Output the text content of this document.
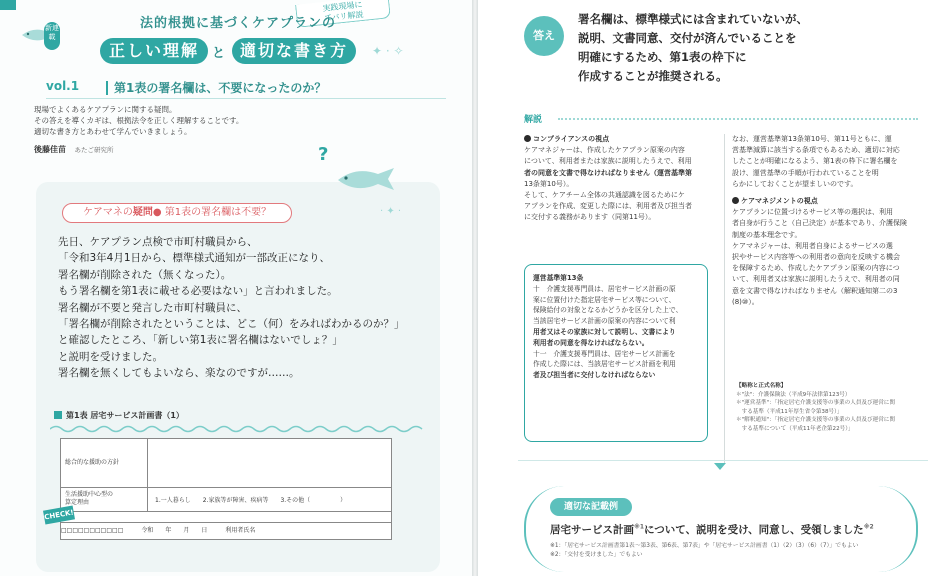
実践現場に
ズバリ解説
新連載
法的根拠に基づくケアプランの
正しい理解	と 適切な書き方	✦ · ✧
vol.1	第1表の署名欄は、不要になったのか？
現場でよくあるケアプランに関する疑問。
その答えを導くカギは、根拠法令を正しく理解することです。
適切な書き方とあわせて学んでいきましょう。
後藤佳苗 あたご研究所	?
· ✦ ·
ケアマネの疑問● 第1表の署名欄は不要？
先日、ケアプラン点検で市町村職員から、
「令和3年4月1日から、標準様式通知が一部改正になり、
署名欄が削除された（無くなった）。
もう署名欄を第1表に載せる必要はない」と言われました。
署名欄が不要と発言した市町村職員に、
「署名欄が削除されたということは、どこ（何）をみればわかるのか？」
と確認したところ、「新しい第1表に署名欄はないでしょ？」
と説明を受けました。
署名欄を無くしてもよいなら、楽なのですが……。
第1表 居宅サービス計画書（1）
総合的な援助の方針
生活援助中心型の
算定理由	1.一人暮らし　　2.家族等が障害、疾病等　　3.その他（　　　　　）
CHECK!
□□□□□□□□□□□　　　令和　　年　　月　　日　　　利用者氏名
答え
署名欄は、標準様式には含まれていないが、
説明、文書同意、交付が済んでいることを
明確にするため、第1表の枠下に
作成することが推奨される。
解説
コンプライアンスの視点
ケアマネジャーは、作成したケアプラン原案の内容
について、利用者または家族に説明したうえで、利用
者の同意を文書で得なければなりません（運営基準第
13条第10号）。
そして、ケアチーム全体の共通認識を図るためにケ
アプランを作成、変更した際には、利用者及び担当者
に交付する義務があります（同第11号）。
運営基準第13条
十　介護支援専門員は、居宅サービス計画の原
案に位置付けた指定居宅サービス等について、
保険給付の対象となるかどうかを区分した上で、
当該居宅サービス計画の原案の内容について利
用者又はその家族に対して説明し、文書により
利用者の同意を得なければならない。
十一　介護支援専門員は、居宅サービス計画を
作成した際には、当該居宅サービス計画を利用
者及び担当者に交付しなければならない
なお、運営基準第13条第10号、第11号ともに、運
営基準減算に該当する条項でもあるため、適切に対応
したことが明確になるよう、第1表の枠下に署名欄を
設け、運営基準の手順が行われていることを明
らかにしておくことが望ましいのです。
ケアマネジメントの視点
ケアプランに位置づけるサービス等の選択は、利用
者自身が行うこと（自己決定）が基本であり、介護保険
制度の基本理念です。
ケアマネジャーは、利用者自身によるサービスの選
択やサービス内容等への利用者の意向を反映する機会
を保障するため、作成したケアプラン原案の内容につ
いて、利用者又は家族に説明したうえで、利用者の同
意を文書で得なければなりません（解釈通知第二の3
(8)⑩）。
【略称と正式名称】
＊"法"：介護保険法（平成9年法律第123号）
＊"運営基準"：「指定居宅介護支援等の事業の人員及び運営に関
　する基準（平成11年厚生省令第38号）」
＊"解釈通知"：「指定居宅介護支援等の事業の人員及び運営に関
　する基準について（平成11年老企第22号）」
適切な記載例
居宅サービス計画$^{※1}$について、説明を受け、同意し、受領しました$^{※2}$
※1：「居宅サービス計画書第1表～第3表、第6表、第7表」や「居宅サービス計画書（1）（2）（3）（6）（7）」でもよい
※2：「交付を受けました」でもよい
